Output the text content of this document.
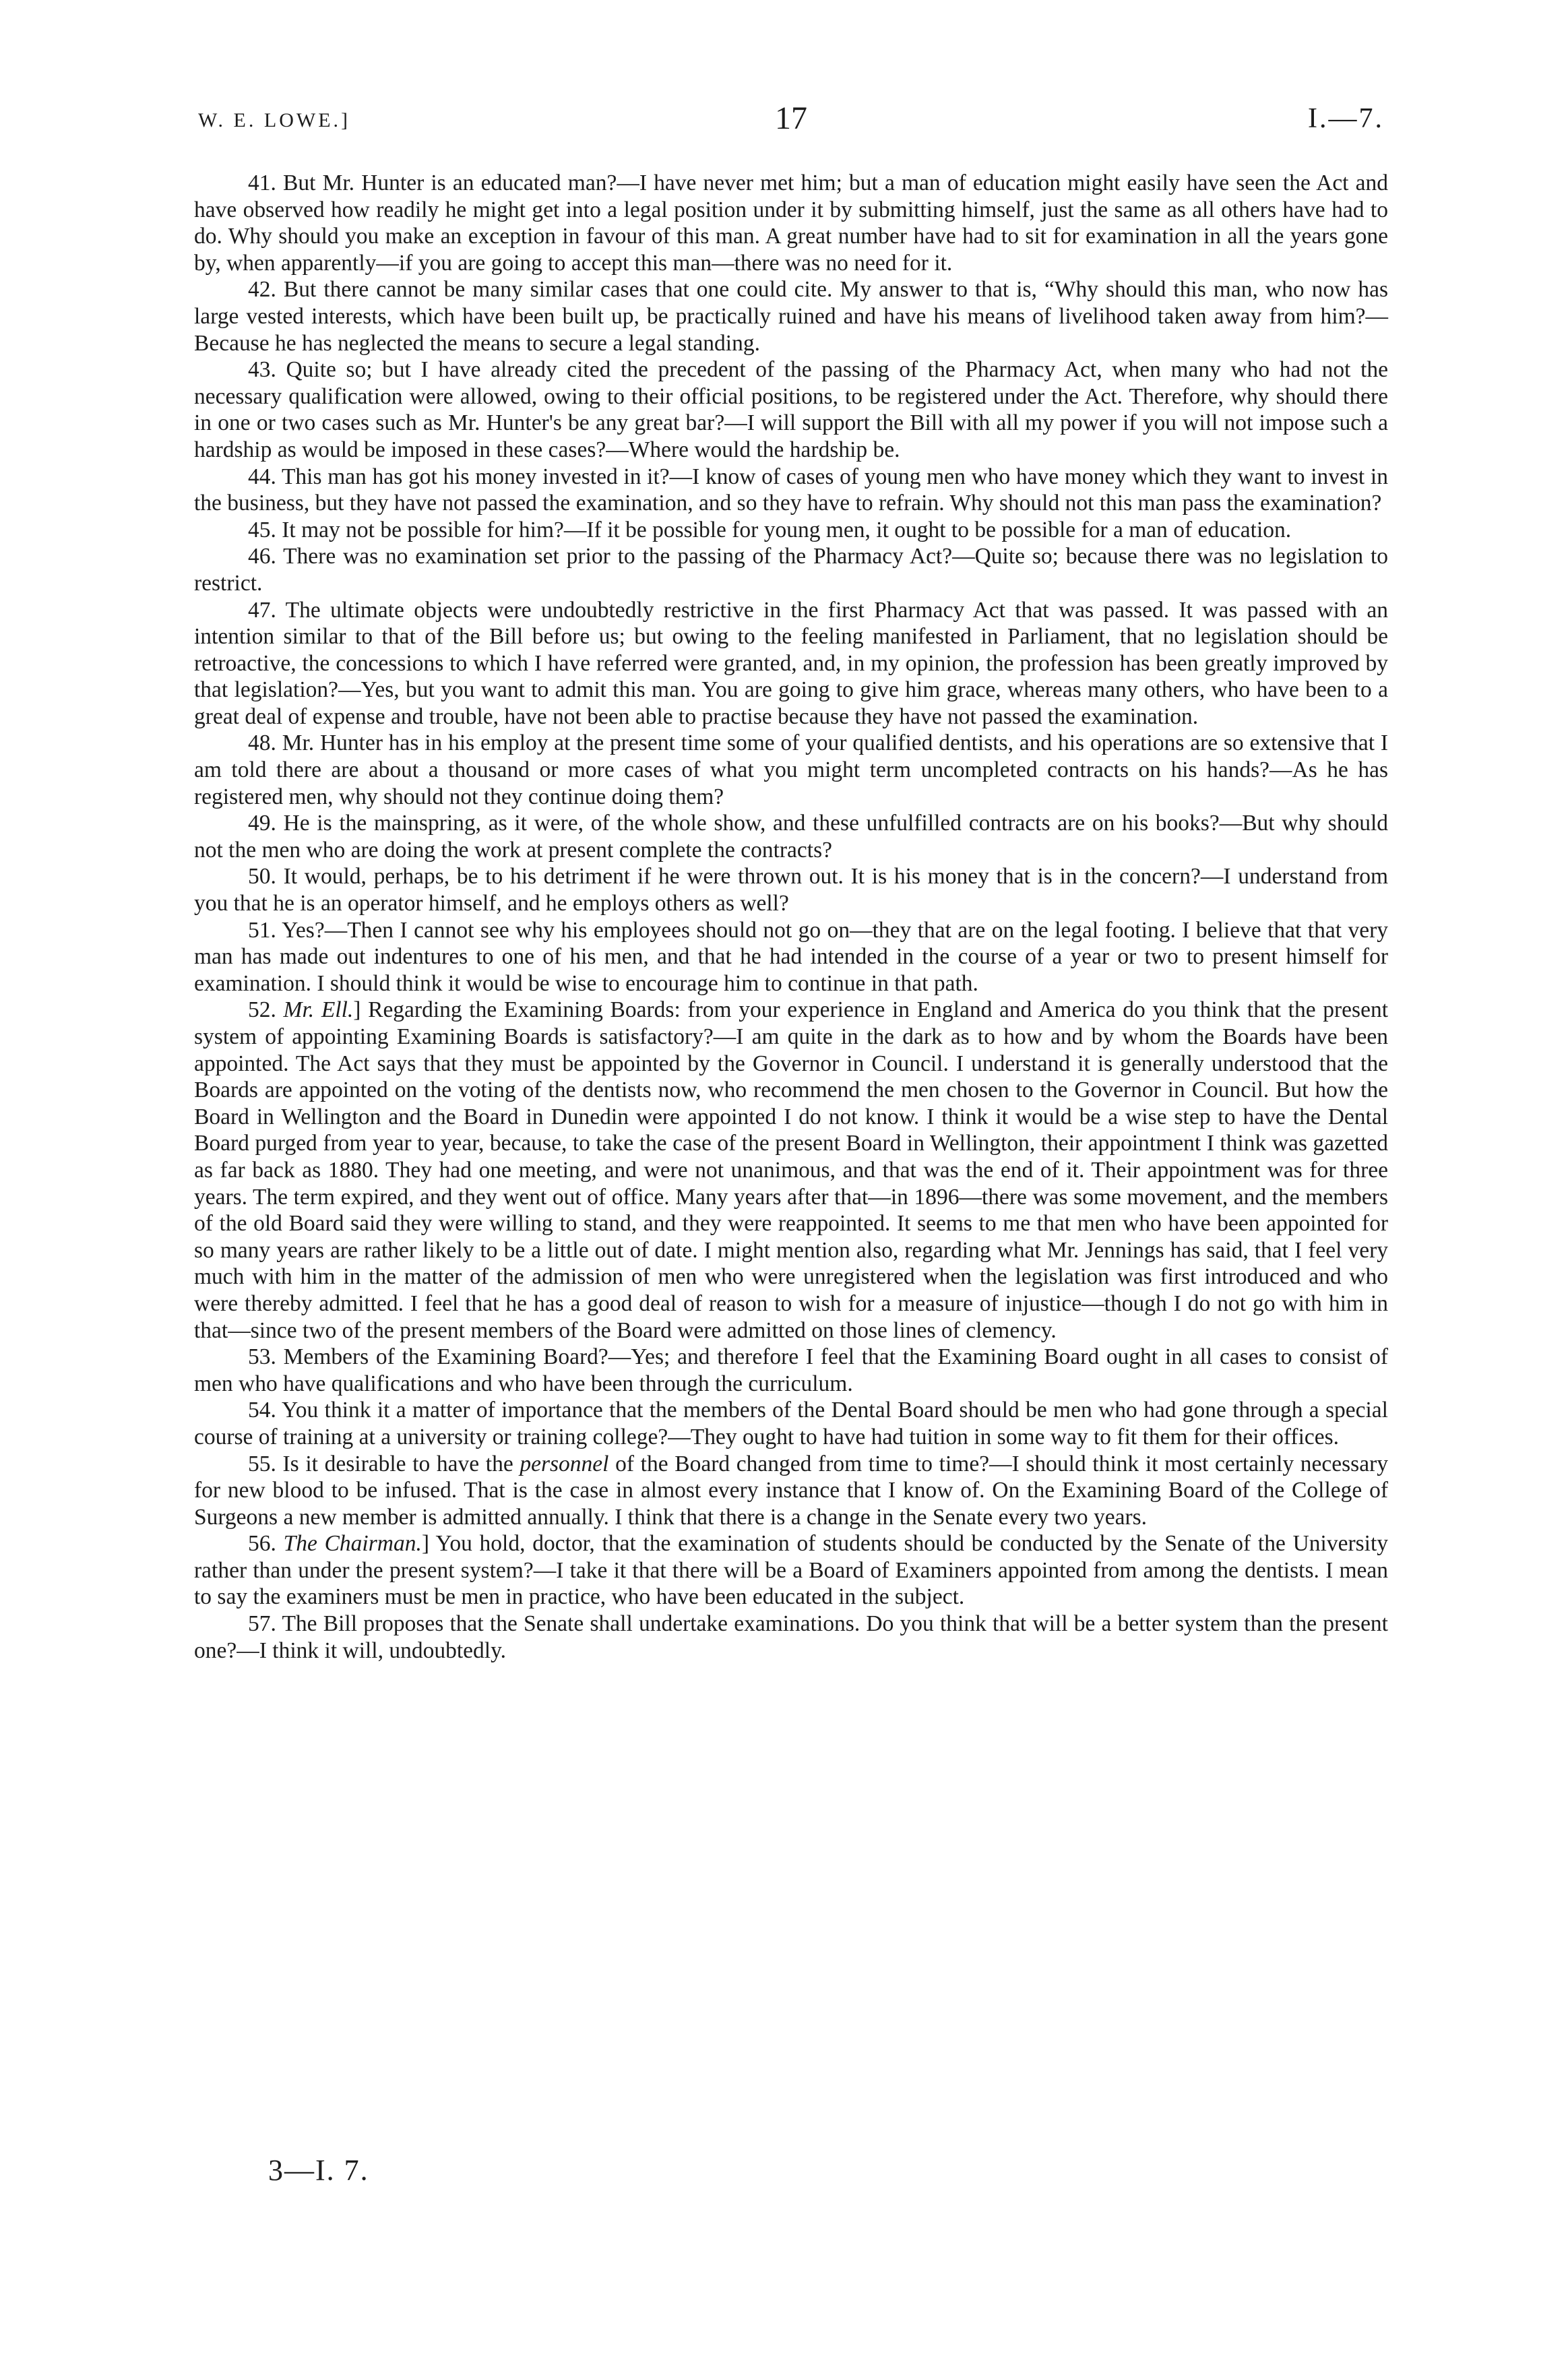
W. E. LOWE.]	17	I.—7.

41. But Mr. Hunter is an educated man?—I have never met him; but a man of education might easily have seen the Act and have observed how readily he might get into a legal position under it by submitting himself, just the same as all others have had to do. Why should you make an exception in favour of this man. A great number have had to sit for examination in all the years gone by, when apparently—if you are going to accept this man—there was no need for it.

42. But there cannot be many similar cases that one could cite. My answer to that is, “Why should this man, who now has large vested interests, which have been built up, be practically ruined and have his means of livelihood taken away from him?—Because he has neglected the means to secure a legal standing.

43. Quite so; but I have already cited the precedent of the passing of the Pharmacy Act, when many who had not the necessary qualification were allowed, owing to their official positions, to be registered under the Act. Therefore, why should there in one or two cases such as Mr. Hunter's be any great bar?—I will support the Bill with all my power if you will not impose such a hardship as would be imposed in these cases?—Where would the hardship be.

44. This man has got his money invested in it?—I know of cases of young men who have money which they want to invest in the business, but they have not passed the examination, and so they have to refrain. Why should not this man pass the examination?

45. It may not be possible for him?—If it be possible for young men, it ought to be possible for a man of education.

46. There was no examination set prior to the passing of the Pharmacy Act?—Quite so; because there was no legislation to restrict.

47. The ultimate objects were undoubtedly restrictive in the first Pharmacy Act that was passed. It was passed with an intention similar to that of the Bill before us; but owing to the feeling manifested in Parliament, that no legislation should be retroactive, the concessions to which I have referred were granted, and, in my opinion, the profession has been greatly improved by that legislation?—Yes, but you want to admit this man. You are going to give him grace, whereas many others, who have been to a great deal of expense and trouble, have not been able to practise because they have not passed the examination.

48. Mr. Hunter has in his employ at the present time some of your qualified dentists, and his operations are so extensive that I am told there are about a thousand or more cases of what you might term uncompleted contracts on his hands?—As he has registered men, why should not they continue doing them?

49. He is the mainspring, as it were, of the whole show, and these unfulfilled contracts are on his books?—But why should not the men who are doing the work at present complete the contracts?

50. It would, perhaps, be to his detriment if he were thrown out. It is his money that is in the concern?—I understand from you that he is an operator himself, and he employs others as well?

51. Yes?—Then I cannot see why his employees should not go on—they that are on the legal footing. I believe that that very man has made out indentures to one of his men, and that he had intended in the course of a year or two to present himself for examination. I should think it would be wise to encourage him to continue in that path.

52. Mr. Ell.] Regarding the Examining Boards: from your experience in England and America do you think that the present system of appointing Examining Boards is satisfactory?—I am quite in the dark as to how and by whom the Boards have been appointed. The Act says that they must be appointed by the Governor in Council. I understand it is generally understood that the Boards are appointed on the voting of the dentists now, who recommend the men chosen to the Governor in Council. But how the Board in Wellington and the Board in Dunedin were appointed I do not know. I think it would be a wise step to have the Dental Board purged from year to year, because, to take the case of the present Board in Wellington, their appointment I think was gazetted as far back as 1880. They had one meeting, and were not unanimous, and that was the end of it. Their appointment was for three years. The term expired, and they went out of office. Many years after that—in 1896—there was some movement, and the members of the old Board said they were willing to stand, and they were reappointed. It seems to me that men who have been appointed for so many years are rather likely to be a little out of date. I might mention also, regarding what Mr. Jennings has said, that I feel very much with him in the matter of the admission of men who were unregistered when the legislation was first introduced and who were thereby admitted. I feel that he has a good deal of reason to wish for a measure of injustice—though I do not go with him in that—since two of the present members of the Board were admitted on those lines of clemency.

53. Members of the Examining Board?—Yes; and therefore I feel that the Examining Board ought in all cases to consist of men who have qualifications and who have been through the curriculum.

54. You think it a matter of importance that the members of the Dental Board should be men who had gone through a special course of training at a university or training college?—They ought to have had tuition in some way to fit them for their offices.

55. Is it desirable to have the personnel of the Board changed from time to time?—I should think it most certainly necessary for new blood to be infused. That is the case in almost every instance that I know of. On the Examining Board of the College of Surgeons a new member is admitted annually. I think that there is a change in the Senate every two years.

56. The Chairman.] You hold, doctor, that the examination of students should be conducted by the Senate of the University rather than under the present system?—I take it that there will be a Board of Examiners appointed from among the dentists. I mean to say the examiners must be men in practice, who have been educated in the subject.

57. The Bill proposes that the Senate shall undertake examinations. Do you think that will be a better system than the present one?—I think it will, undoubtedly.

3—I. 7.
